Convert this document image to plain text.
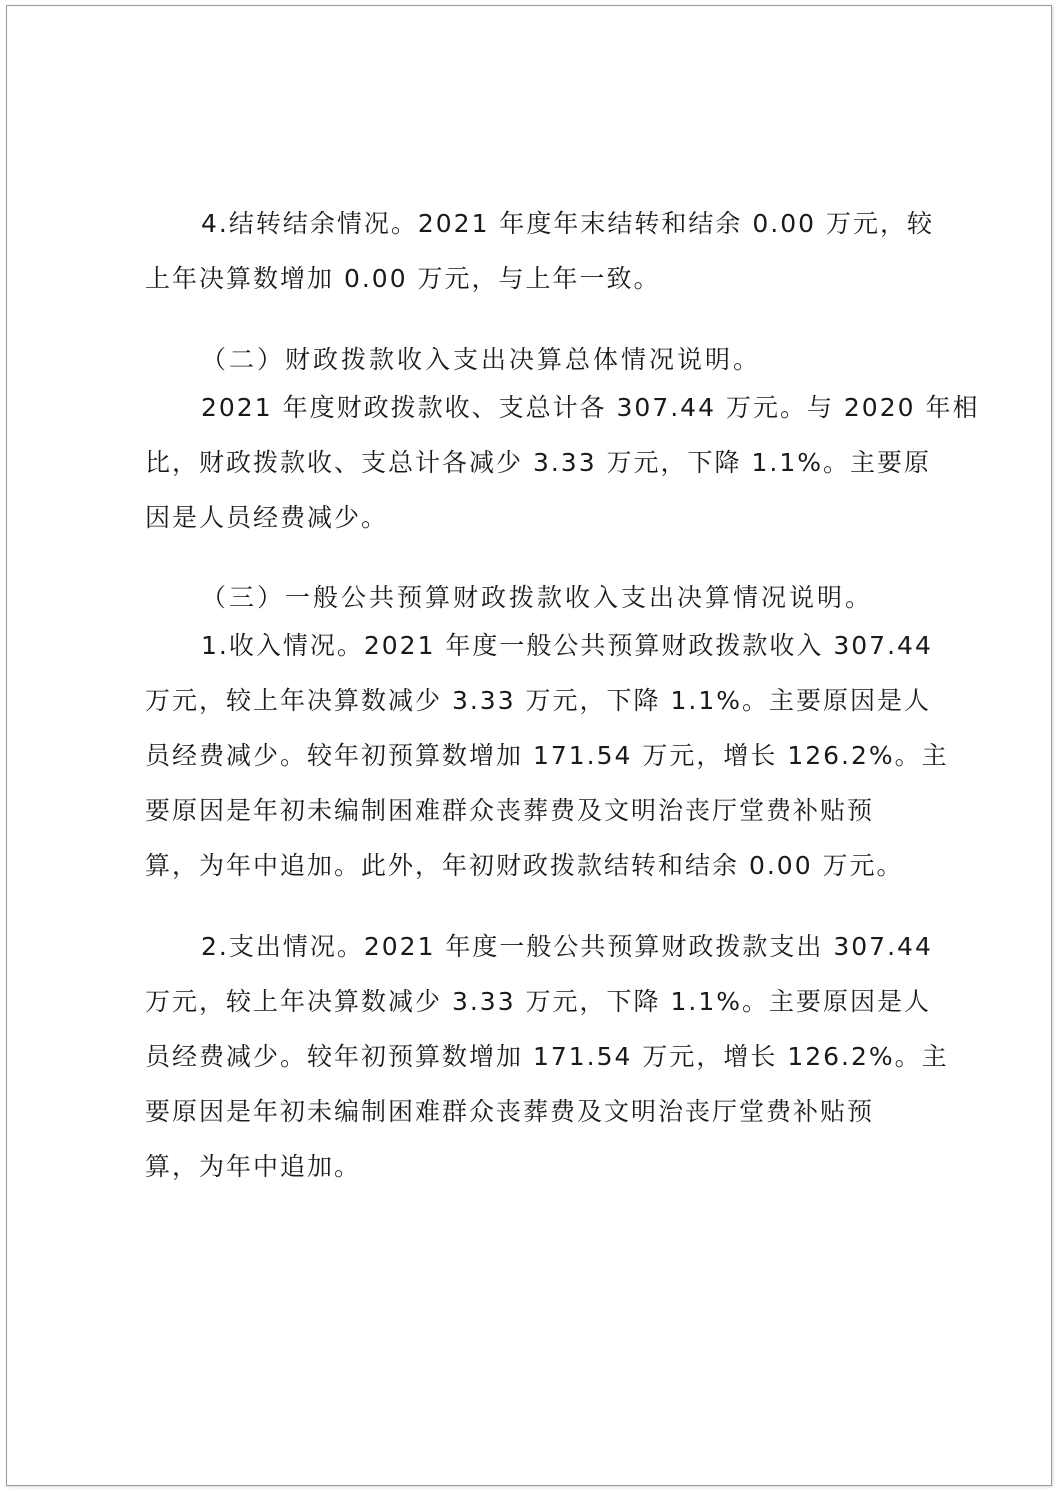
4.结转结余情况。2021 年度年末结转和结余 0.00 万元，较
上年决算数增加 0.00 万元，与上年一致。
（二）财政拨款收入支出决算总体情况说明。
2021 年度财政拨款收、支总计各 307.44 万元。与 2020 年相
比，财政拨款收、支总计各减少 3.33 万元，下降 1.1%。主要原
因是人员经费减少。
（三）一般公共预算财政拨款收入支出决算情况说明。
1.收入情况。2021 年度一般公共预算财政拨款收入 307.44
万元，较上年决算数减少 3.33 万元，下降 1.1%。主要原因是人
员经费减少。较年初预算数增加 171.54 万元，增长 126.2%。主
要原因是年初未编制困难群众丧葬费及文明治丧厅堂费补贴预
算，为年中追加。此外，年初财政拨款结转和结余 0.00 万元。
2.支出情况。2021 年度一般公共预算财政拨款支出 307.44
万元，较上年决算数减少 3.33 万元，下降 1.1%。主要原因是人
员经费减少。较年初预算数增加 171.54 万元，增长 126.2%。主
要原因是年初未编制困难群众丧葬费及文明治丧厅堂费补贴预
算，为年中追加。
